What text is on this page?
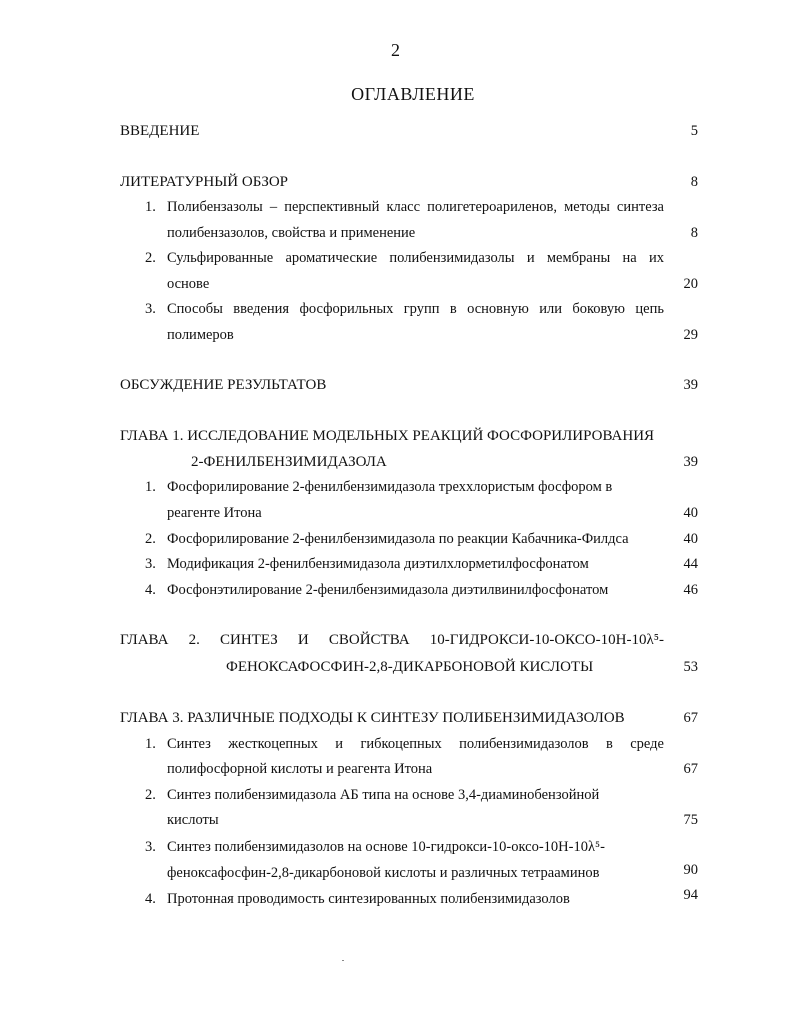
2
ОГЛАВЛЕНИЕ
ВВЕДЕНИЕ	5
ЛИТЕРАТУРНЫЙ ОБЗОР	8
1. Полибензазолы – перспективный класс полигетероариленов, методы синтеза
полибензазолов, свойства и применение	8
2. Сульфированные ароматические полибензимидазолы и мембраны на их
основе	20
3. Способы введения фосфорильных групп в основную или боковую цепь
полимеров	29
ОБСУЖДЕНИЕ РЕЗУЛЬТАТОВ	39
ГЛАВА 1. ИССЛЕДОВАНИЕ МОДЕЛЬНЫХ РЕАКЦИЙ ФОСФОРИЛИРОВАНИЯ
2-ФЕНИЛБЕНЗИМИДАЗОЛА	39
1. Фосфорилирование 2-фенилбензимидазола треххлористым фосфором в
реагенте Итона	40
2. Фосфорилирование 2-фенилбензимидазола по реакции Кабачника-Филдса	40
3. Модификация 2-фенилбензимидазола диэтилхлорметилфосфонатом	44
4. Фосфонэтилирование 2-фенилбензимидазола диэтилвинилфосфонатом	46
ГЛАВА 2. СИНТЕЗ И СВОЙСТВА 10-ГИДРОКСИ-10-ОКСО-10Н-10λ⁵-
ФЕНОКСАФОСФИН-2,8-ДИКАРБОНОВОЙ КИСЛОТЫ	53
ГЛАВА 3. РАЗЛИЧНЫЕ ПОДХОДЫ К СИНТЕЗУ ПОЛИБЕНЗИМИДАЗОЛОВ	67
1. Синтез жесткоцепных и гибкоцепных полибензимидазолов в среде
полифосфорной кислоты и реагента Итона	67
2. Синтез полибензимидазола АБ типа на основе 3,4-диаминобензойной
кислоты	75
3. Синтез полибензимидазолов на основе 10-гидрокси-10-оксо-10Н-10λ⁵-
феноксафосфин-2,8-дикарбоновой кислоты и различных тетрааминов	90
4. Протонная проводимость синтезированных полибензимидазолов	94
